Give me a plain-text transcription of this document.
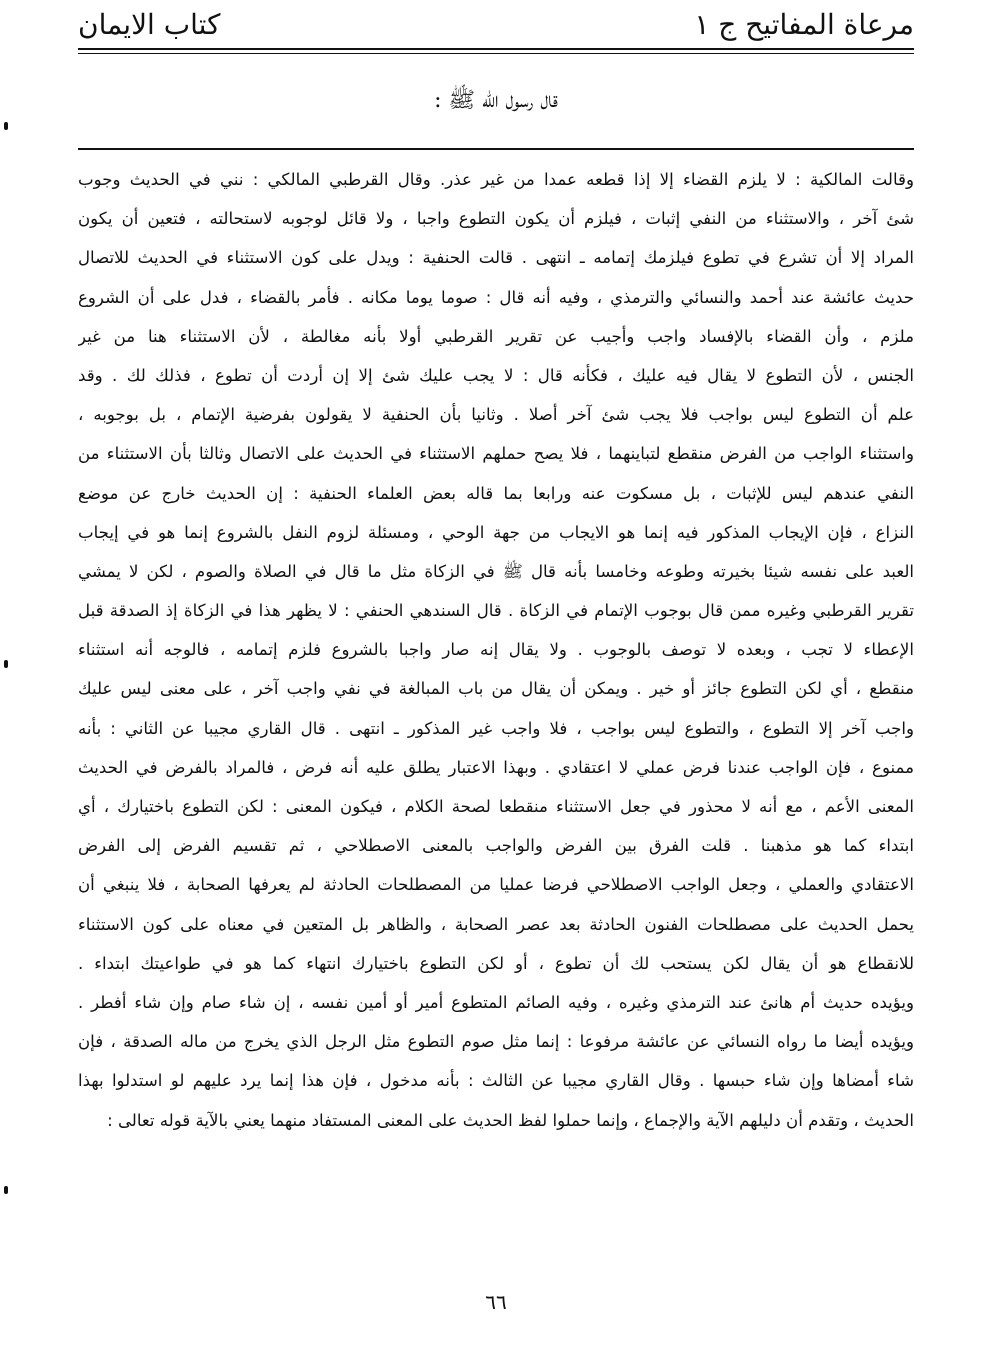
مرعاة المفاتيح ج ١
كتاب الايمان
قال رسول الله ﷺ :
وقالت المالكية : لا يلزم القضاء إلا إذا قطعه عمدا من غير عذر. وقال القرطبي المالكي : نني في الحديث وجوب
شئ آخر ، والاستثناء من النفي إثبات ، فيلزم أن يكون التطوع واجبا ، ولا قائل لوجوبه لاستحالته ، فتعين أن يكون
المراد إلا أن تشرع في تطوع فيلزمك إتمامه ـ انتهى . قالت الحنفية : ويدل على كون الاستثناء في الحديث للاتصال
حديث عائشة عند أحمد والنسائي والترمذي ، وفيه أنه قال : صوما يوما مكانه . فأمر بالقضاء ، فدل على أن الشروع
ملزم ، وأن القضاء بالإفساد واجب وأجيب عن تقرير القرطبي أولا بأنه مغالطة ، لأن الاستثناء هنا من غير
الجنس ، لأن التطوع لا يقال فيه عليك ، فكأنه قال : لا يجب عليك شئ إلا إن أردت أن تطوع ، فذلك لك . وقد
علم أن التطوع ليس بواجب فلا يجب شئ آخر أصلا . وثانيا بأن الحنفية لا يقولون بفرضية الإتمام ، بل بوجوبه ،
واستثناء الواجب من الفرض منقطع لتباينهما ، فلا يصح حملهم الاستثناء في الحديث على الاتصال وثالثا بأن الاستثناء من
النفي عندهم ليس للإثبات ، بل مسكوت عنه ورابعا بما قاله بعض العلماء الحنفية : إن الحديث خارج عن موضع
النزاع ، فإن الإيجاب المذكور فيه إنما هو الايجاب من جهة الوحي ، ومسئلة لزوم النفل بالشروع إنما هو في إيجاب
العبد على نفسه شيئا بخيرته وطوعه وخامسا بأنه قال ﷺ في الزكاة مثل ما قال في الصلاة والصوم ، لكن لا يمشي
تقرير القرطبي وغيره ممن قال بوجوب الإتمام في الزكاة . قال السندهي الحنفي : لا يظهر هذا في الزكاة إذ الصدقة قبل
الإعطاء لا تجب ، وبعده لا توصف بالوجوب . ولا يقال إنه صار واجبا بالشروع فلزم إتمامه ، فالوجه أنه استثناء
منقطع ، أي لكن التطوع جائز أو خير . ويمكن أن يقال من باب المبالغة في نفي واجب آخر ، على معنى ليس عليك
واجب آخر إلا التطوع ، والتطوع ليس بواجب ، فلا واجب غير المذكور ـ انتهى . قال القاري مجيبا عن الثاني : بأنه
ممنوع ، فإن الواجب عندنا فرض عملي لا اعتقادي . وبهذا الاعتبار يطلق عليه أنه فرض ، فالمراد بالفرض في الحديث
المعنى الأعم ، مع أنه لا محذور في جعل الاستثناء منقطعا لصحة الكلام ، فيكون المعنى : لكن التطوع باختيارك ، أي
ابتداء كما هو مذهبنا . قلت الفرق بين الفرض والواجب بالمعنى الاصطلاحي ، ثم تقسيم الفرض إلى الفرض
الاعتقادي والعملي ، وجعل الواجب الاصطلاحي فرضا عمليا من المصطلحات الحادثة لم يعرفها الصحابة ، فلا ينبغي أن
يحمل الحديث على مصطلحات الفنون الحادثة بعد عصر الصحابة ، والظاهر بل المتعين في معناه على كون الاستثناء
للانقطاع هو أن يقال لكن يستحب لك أن تطوع ، أو لكن التطوع باختيارك انتهاء كما هو في طواعيتك ابتداء .
ويؤيده حديث أم هانئ عند الترمذي وغيره ، وفيه الصائم المتطوع أمير أو أمين نفسه ، إن شاء صام وإن شاء أفطر .
ويؤيده أيضا ما رواه النسائي عن عائشة مرفوعا : إنما مثل صوم التطوع مثل الرجل الذي يخرج من ماله الصدقة ، فإن
شاء أمضاها وإن شاء حبسها . وقال القاري مجيبا عن الثالث : بأنه مدخول ، فإن هذا إنما يرد عليهم لو استدلوا بهذا
الحديث ، وتقدم أن دليلهم الآية والإجماع ، وإنما حملوا لفظ الحديث على المعنى المستفاد منهما يعني بالآية قوله تعالى :
٦٦
